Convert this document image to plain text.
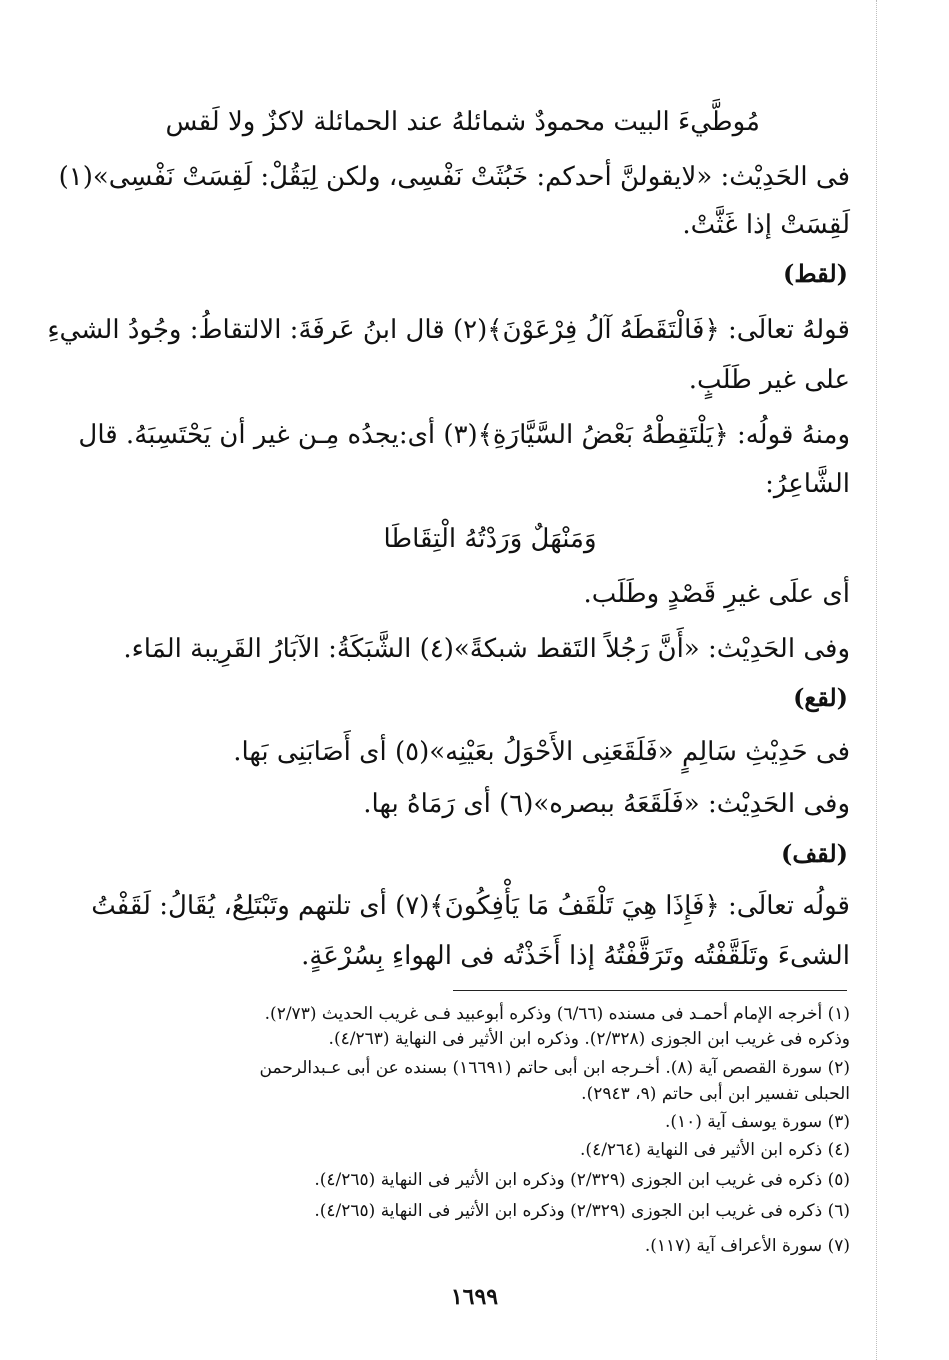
مُوطَّيءَ البيت محمودٌ شمائلهُ عند الحمائلة لاكزٌ ولا لَقس
فى الحَدِيْث: «لايقولنَّ أحدكم: خَبُثَتْ نَفْسِى، ولكن لِيَقُلْ: لَقِسَتْ نَفْسِى»(١)
لَقِسَتْ إذا غَثَّتْ.
(لقط)
قولهُ تعالَى: ﴿فَالْتَقَطَهُ آلُ فِرْعَوْنَ﴾(٢) قال ابنُ عَرفَةَ: الالتقاطُ: وجُودُ الشيءِ
على غير طَلَبٍ.
ومنهُ قولُه: ﴿يَلْتَقِطْهُ بَعْضُ السَّيَّارَةِ﴾(٣) أى:يجدُه مِـن غير أن يَحْتَسِبَهُ. قال
الشَّاعِرُ:
وَمَنْهَلٌ وَرَدْتُهُ الْتِقَاطَا
أى علَى غيرِ قَصْدٍ وطَلَب.
وفى الحَدِيْث: «أَنَّ رَجُلاً التَقط شبكةً»(٤) الشَّبَكَةُ: الآبَارُ القَرِيبة المَاء.
(لقع)
فى حَدِيْثِ سَالِمٍ «فَلَقَعَنِى الأَحْوَلُ بعَيْنِه»(٥) أى أَصَابَنِى بَها.
وفى الحَدِيْث: «فَلَقَعَهُ ببصره»(٦) أى رَمَاهُ بها.
(لقف)
قولُه تعالَى: ﴿فَإِذَا هِيَ تَلْقَفُ مَا يَأْفِكُونَ﴾(٧) أى تلتهم وتَبْتَلِعُ، يُقَالُ: لَقَفْتُ
الشىءَ وتَلَقَّفْتُه وتَرَقَّفْتُهُ إذا أَخَذْتُه فى الهواءِ بِسُرْعَةٍ.
(١) أخرجه الإمام أحمـد فى مسنده (٦/٦٦) وذكره أبوعبيد فـى غريب الحديث (٢/٧٣).
وذكره فى غريب ابن الجوزى (٢/٣٢٨). وذكره ابن الأثير فى النهاية (٤/٢٦٣).
(٢) سورة القصص آية (٨). أخـرجه ابن أبى حاتم (١٦٦٩١) بسنده عن أبى عـبدالرحمن
الحبلى تفسير ابن أبى حاتم (٩، ٢٩٤٣).
(٣) سورة يوسف آية (١٠).
(٤) ذكره ابن الأثير فى النهاية (٤/٢٦٤).
(٥) ذكره فى غريب ابن الجوزى (٢/٣٢٩) وذكره ابن الأثير فى النهاية (٤/٢٦٥).
(٦) ذكره فى غريب ابن الجوزى (٢/٣٢٩) وذكره ابن الأثير فى النهاية (٤/٢٦٥).
(٧) سورة الأعراف آية (١١٧).
١٦٩٩
